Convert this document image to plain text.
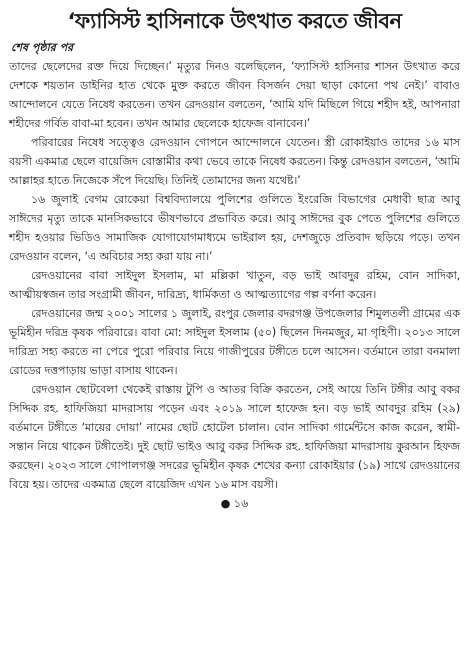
‘ফ্যাসিস্ট হাসিনাকে উৎখাত করতে জীবন
শেষ পৃষ্ঠার পর

তাদের ছেলেদের রক্ত দিয়ে দিচ্ছেন।’ মৃত্যুর দিনও বলেছিলেন, ‘ফ্যাসিস্ট হাসিনার শাসন উৎখাত করে দেশকে শয়তান ডাইনির হাত থেকে মুক্ত করতে জীবন বিসর্জন দেয়া ছাড়া কোনো পথ নেই।’ বাবাও আন্দোলনে যেতে নিষেধ করতেন। তখন রেদওয়ান বলতেন, ‘আমি যদি মিছিলে গিয়ে শহীদ হই, আপনারা শহীদের গর্বিত বাবা-মা হবেন। তখন আমার ছেলেকে হাফেজ বানাবেন।’

পরিবারের নিষেধ সত্ত্বেও রেদওয়ান গোপনে আন্দোলনে যেতেন। স্ত্রী রোকাইয়াও তাদের ১৬ মাস বয়সী একমাত্র ছেলে বায়েজিদ বোস্তামীর কথা ভেবে তাকে নিষেধ করতেন। কিন্তু রেদওয়ান বলতেন, ‘আমি আল্লাহর হাতে নিজেকে সঁপে দিয়েছি। তিনিই তোমাদের জন্য যথেষ্ট।’

১৬ জুলাই বেগম রোকেয়া বিশ্ববিদ্যালয়ে পুলিশের গুলিতে ইংরেজি বিভাগের মেধাবী ছাত্র আবু সাঈদের মৃত্যু তাকে মানসিকভাবে ভীষণভাবে প্রভাবিত করে। আবু সাঈদের বুক পেতে পুলিশের গুলিতে শহীদ হওয়ার ভিডিও সামাজিক যোগাযোগমাধ্যমে ভাইরাল হয়, দেশজুড়ে প্রতিবাদ ছড়িয়ে পড়ে। তখন রেদওয়ান বলেন, ‘এ অবিচার সহ্য করা যায় না।’

রেদওয়ানের বাবা সাইদুল ইসলাম, মা মল্লিকা খাতুন, বড় ভাই আবদুর রহিম, বোন সাদিকা, আত্মীয়স্বজন তার সংগ্রামী জীবন, দারিদ্র্য, ধার্মিকতা ও আত্মত্যাগের গল্প বর্ণনা করেন।

রেদওয়ানের জন্ম ২০০১ সালের ১ জুলাই, রংপুর জেলার বদরগঞ্জ উপজেলার শিমুলতলী গ্রামের এক ভূমিহীন দরিদ্র কৃষক পরিবারে। বাবা মো: সাইদুল ইসলাম (৫০) ছিলেন দিনমজুর, মা গৃহিণী। ২০১৩ সালে দারিদ্র্য সহ্য করতে না পেরে পুরো পরিবার নিয়ে গাজীপুরের টঙ্গীতে চলে আসেন। বর্তমানে তারা বনমালা রোডের দত্তপাড়ায় ভাড়া বাসায় থাকেন।

রেদওয়ান ছোটবেলা থেকেই রাস্তায় টুপি ও আতর বিক্রি করতেন, সেই আয়ে তিনি টঙ্গীর আবু বকর সিদ্দিক রহ. হাফিজিয়া মাদরাসায় পড়েন এবং ২০১৯ সালে হাফেজ হন। বড় ভাই আবদুর রহিম (২৯) বর্তমানে টঙ্গীতে ‘মায়ের দোয়া’ নামের ছোট হোটেল চালান। বোন সাদিকা গার্মেন্টসে কাজ করেন, স্বামী-সন্তান নিয়ে থাকেন টঙ্গীতেই। দুই ছোট ভাইও আবু বকর সিদ্দিক রহ. হাফিজিয়া মাদরাসায় কুরআন হিফজ করছেন। ২০২৩ সালে গোপালগঞ্জ সদরের ভূমিহীন কৃষক শেখের কন্যা রোকাইয়ার (১৯) সাথে রেদওয়ানের বিয়ে হয়। তাদের একমাত্র ছেলে বায়েজিদ এখন ১৬ মাস বয়সী।

● ১৬
